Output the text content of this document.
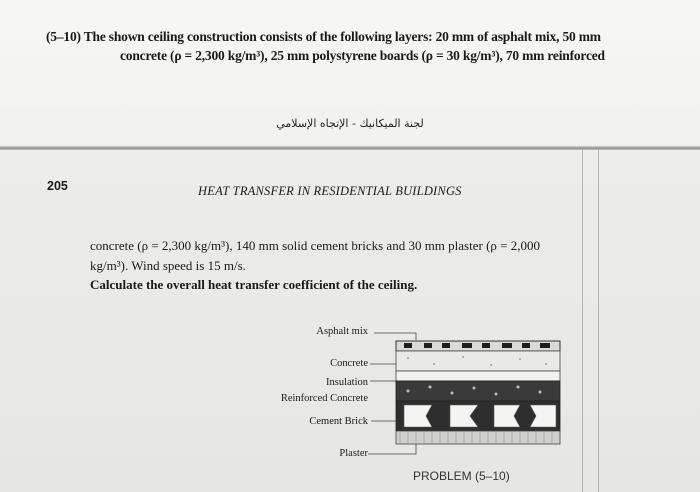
(5–10) The shown ceiling construction consists of the following layers: 20 mm of asphalt mix, 50 mm
concrete (ρ = 2,300 kg/m³), 25 mm polystyrene boards (ρ = 30 kg/m³), 70 mm reinforced
لجنة الميكانيك - الإتجاه الإسلامي
205	HEAT TRANSFER IN RESIDENTIAL BUILDINGS
concrete (ρ = 2,300 kg/m³), 140 mm solid cement bricks and 30 mm plaster (ρ = 2,000
kg/m³). Wind speed is 15 m/s.
Calculate the overall heat transfer coefficient of the ceiling.
Asphalt mix
Concrete
Insulation
Reinforced Concrete
Cement Brick
Plaster
PROBLEM (5–10)
